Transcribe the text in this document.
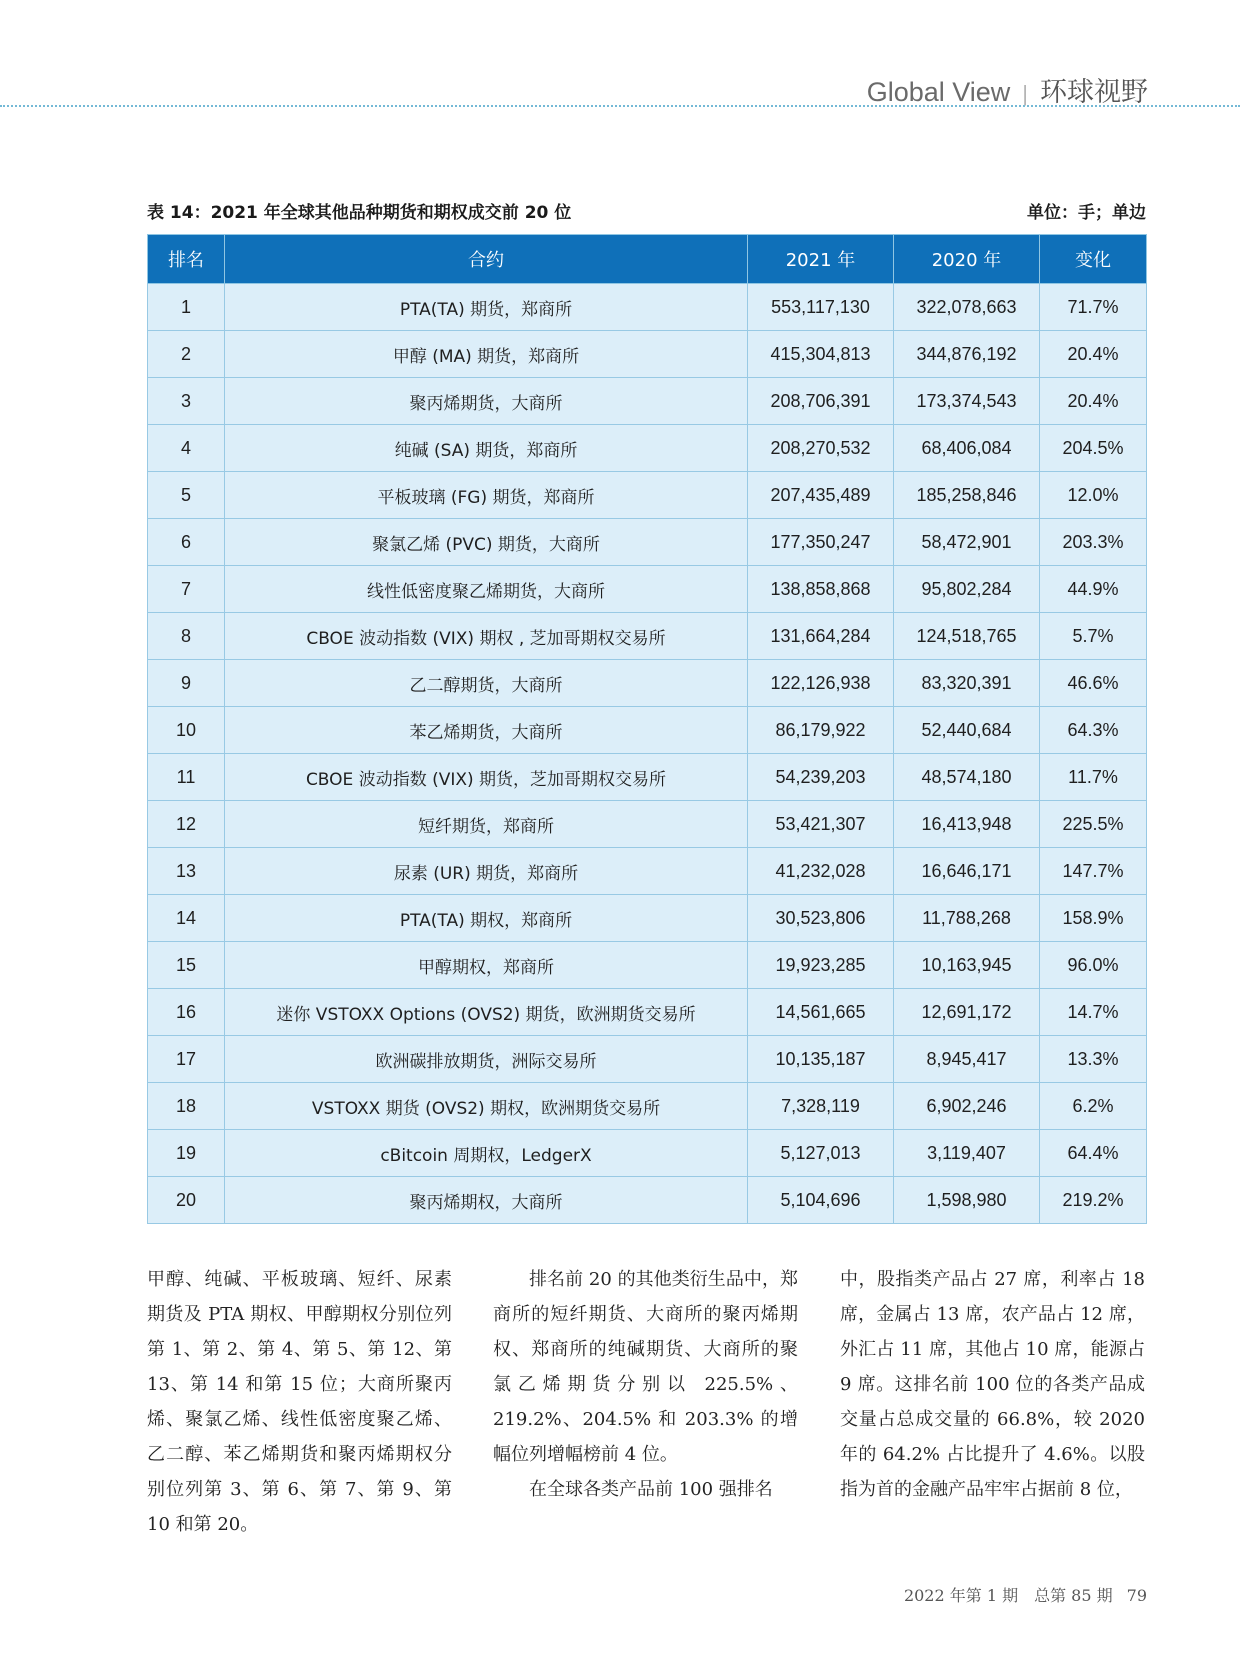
Global View | 环球视野
表 14：2021 年全球其他品种期货和期权成交前 20 位	单位：手；单边
排名	合约	2021 年	2020 年	变化
1	PTA(TA) 期货，郑商所	553,117,130	322,078,663	71.7%
2	甲醇 (MA) 期货，郑商所	415,304,813	344,876,192	20.4%
3	聚丙烯期货，大商所	208,706,391	173,374,543	20.4%
4	纯碱 (SA) 期货，郑商所	208,270,532	68,406,084	204.5%
5	平板玻璃 (FG) 期货，郑商所	207,435,489	185,258,846	12.0%
6	聚氯乙烯 (PVC) 期货，大商所	177,350,247	58,472,901	203.3%
7	线性低密度聚乙烯期货，大商所	138,858,868	95,802,284	44.9%
8	CBOE 波动指数 (VIX) 期权 , 芝加哥期权交易所	131,664,284	124,518,765	5.7%
9	乙二醇期货，大商所	122,126,938	83,320,391	46.6%
10	苯乙烯期货，大商所	86,179,922	52,440,684	64.3%
11	CBOE 波动指数 (VIX) 期货，芝加哥期权交易所	54,239,203	48,574,180	11.7%
12	短纤期货，郑商所	53,421,307	16,413,948	225.5%
13	尿素 (UR) 期货，郑商所	41,232,028	16,646,171	147.7%
14	PTA(TA) 期权，郑商所	30,523,806	11,788,268	158.9%
15	甲醇期权，郑商所	19,923,285	10,163,945	96.0%
16	迷你 VSTOXX Options (OVS2) 期货，欧洲期货交易所	14,561,665	12,691,172	14.7%
17	欧洲碳排放期货，洲际交易所	10,135,187	8,945,417	13.3%
18	VSTOXX 期货 (OVS2) 期权，欧洲期货交易所	7,328,119	6,902,246	6.2%
19	cBitcoin 周期权，LedgerX	5,127,013	3,119,407	64.4%
20	聚丙烯期权，大商所	5,104,696	1,598,980	219.2%

甲醇、纯碱、平板玻璃、短纤、尿素期货及 PTA 期权、甲醇期权分别位列第 1、第 2、第 4、第 5、第 12、第 13、第 14 和第 15 位；大商所聚丙烯、聚氯乙烯、线性低密度聚乙烯、乙二醇、苯乙烯期货和聚丙烯期权分别位列第 3、第 6、第 7、第 9、第 10 和第 20。

排名前 20 的其他类衍生品中，郑商所的短纤期货、大商所的聚丙烯期权、郑商所的纯碱期货、大商所的聚氯乙烯期货分别以 225.5%、219.2%、204.5% 和 203.3% 的增幅位列增幅榜前 4 位。

在全球各类产品前 100 强排名

中，股指类产品占 27 席，利率占 18 席，金属占 13 席，农产品占 12 席，外汇占 11 席，其他占 10 席，能源占 9 席。这排名前 100 位的各类产品成交量占总成交量的 66.8%，较 2020 年的 64.2% 占比提升了 4.6%。以股指为首的金融产品牢牢占据前 8 位，

2022 年第 1 期　总第 85 期 79
